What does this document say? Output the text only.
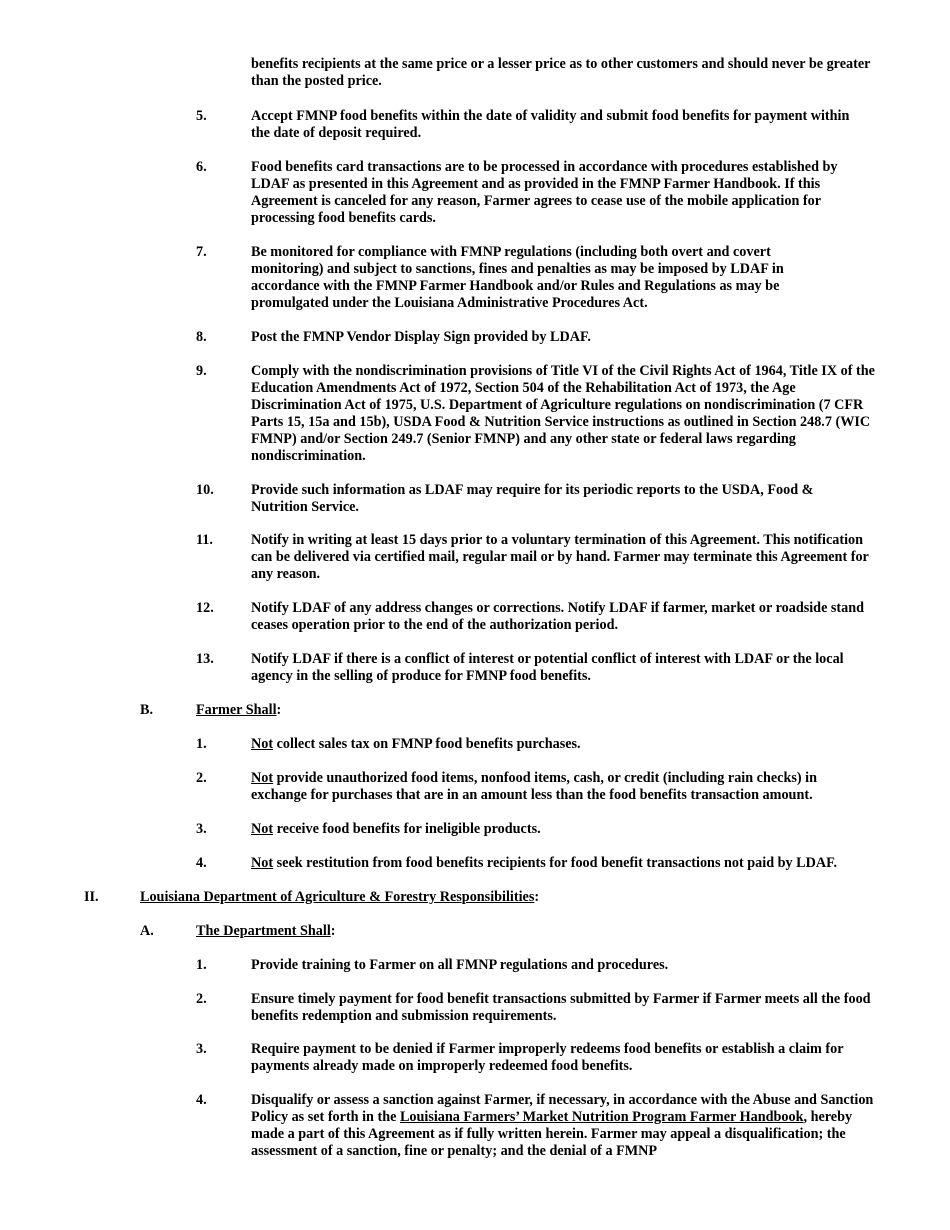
benefits recipients at the same price or a lesser price as to other customers and should never be greater than the posted price.
5.	Accept FMNP food benefits within the date of validity and submit food benefits for payment within the date of deposit required.
6.	Food benefits card transactions are to be processed in accordance with procedures established by LDAF as presented in this Agreement and as provided in the FMNP Farmer Handbook. If this Agreement is canceled for any reason, Farmer agrees to cease use of the mobile application for processing food benefits cards.
7.	Be monitored for compliance with FMNP regulations (including both overt and covert monitoring) and subject to sanctions, fines and penalties as may be imposed by LDAF in accordance with the FMNP Farmer Handbook and/or Rules and Regulations as may be promulgated under the Louisiana Administrative Procedures Act.
8.	Post the FMNP Vendor Display Sign provided by LDAF.
9.	Comply with the nondiscrimination provisions of Title VI of the Civil Rights Act of 1964, Title IX of the Education Amendments Act of 1972, Section 504 of the Rehabilitation Act of 1973, the Age Discrimination Act of 1975, U.S. Department of Agriculture regulations on nondiscrimination (7 CFR Parts 15, 15a and 15b), USDA Food & Nutrition Service instructions as outlined in Section 248.7 (WIC FMNP) and/or Section 249.7 (Senior FMNP) and any other state or federal laws regarding nondiscrimination.
10.	Provide such information as LDAF may require for its periodic reports to the USDA, Food & Nutrition Service.
11.	Notify in writing at least 15 days prior to a voluntary termination of this Agreement. This notification can be delivered via certified mail, regular mail or by hand. Farmer may terminate this Agreement for any reason.
12.	Notify LDAF of any address changes or corrections. Notify LDAF if farmer, market or roadside stand ceases operation prior to the end of the authorization period.
13.	Notify LDAF if there is a conflict of interest or potential conflict of interest with LDAF or the local agency in the selling of produce for FMNP food benefits.
B.	Farmer Shall:
1.	Not collect sales tax on FMNP food benefits purchases.
2.	Not provide unauthorized food items, nonfood items, cash, or credit (including rain checks) in exchange for purchases that are in an amount less than the food benefits transaction amount.
3.	Not receive food benefits for ineligible products.
4.	Not seek restitution from food benefits recipients for food benefit transactions not paid by LDAF.
II.	Louisiana Department of Agriculture & Forestry Responsibilities:
A.	The Department Shall:
1.	Provide training to Farmer on all FMNP regulations and procedures.
2.	Ensure timely payment for food benefit transactions submitted by Farmer if Farmer meets all the food benefits redemption and submission requirements.
3.	Require payment to be denied if Farmer improperly redeems food benefits or establish a claim for payments already made on improperly redeemed food benefits.
4.	Disqualify or assess a sanction against Farmer, if necessary, in accordance with the Abuse and Sanction Policy as set forth in the Louisiana Farmers’ Market Nutrition Program Farmer Handbook, hereby made a part of this Agreement as if fully written herein. Farmer may appeal a disqualification; the assessment of a sanction, fine or penalty; and the denial of a FMNP
